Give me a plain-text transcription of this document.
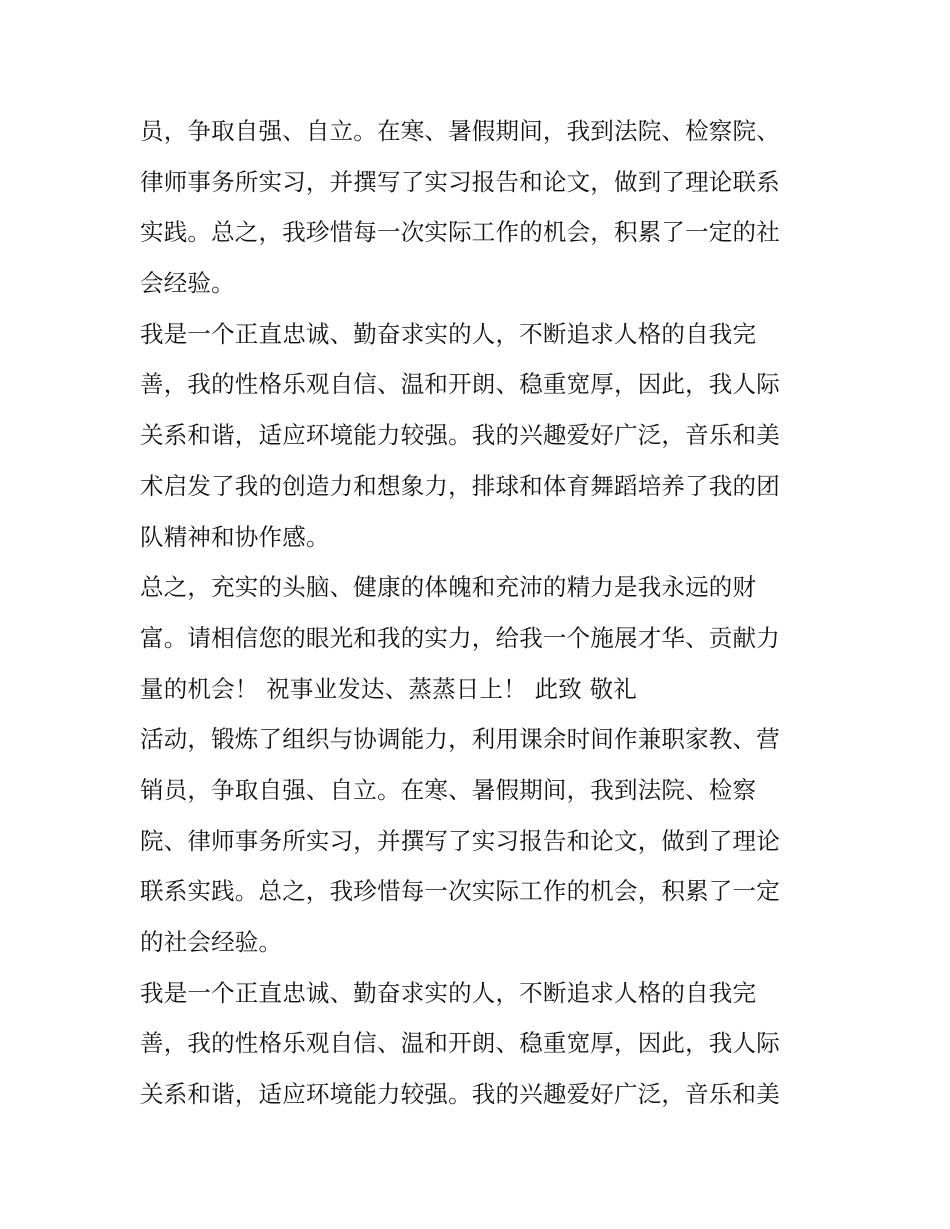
员，争取自强、自立。在寒、暑假期间，我到法院、检察院、
律师事务所实习，并撰写了实习报告和论文，做到了理论联系
实践。总之，我珍惜每一次实际工作的机会，积累了一定的社
会经验。
我是一个正直忠诚、勤奋求实的人，不断追求人格的自我完
善，我的性格乐观自信、温和开朗、稳重宽厚，因此，我人际
关系和谐，适应环境能力较强。我的兴趣爱好广泛，音乐和美
术启发了我的创造力和想象力，排球和体育舞蹈培养了我的团
队精神和协作感。
总之，充实的头脑、健康的体魄和充沛的精力是我永远的财
富。请相信您的眼光和我的实力，给我一个施展才华、贡献力
量的机会！ 祝事业发达、蒸蒸日上！ 此致 敬礼
活动，锻炼了组织与协调能力，利用课余时间作兼职家教、营
销员，争取自强、自立。在寒、暑假期间，我到法院、检察
院、律师事务所实习，并撰写了实习报告和论文，做到了理论
联系实践。总之，我珍惜每一次实际工作的机会，积累了一定
的社会经验。
我是一个正直忠诚、勤奋求实的人，不断追求人格的自我完
善，我的性格乐观自信、温和开朗、稳重宽厚，因此，我人际
关系和谐，适应环境能力较强。我的兴趣爱好广泛，音乐和美
